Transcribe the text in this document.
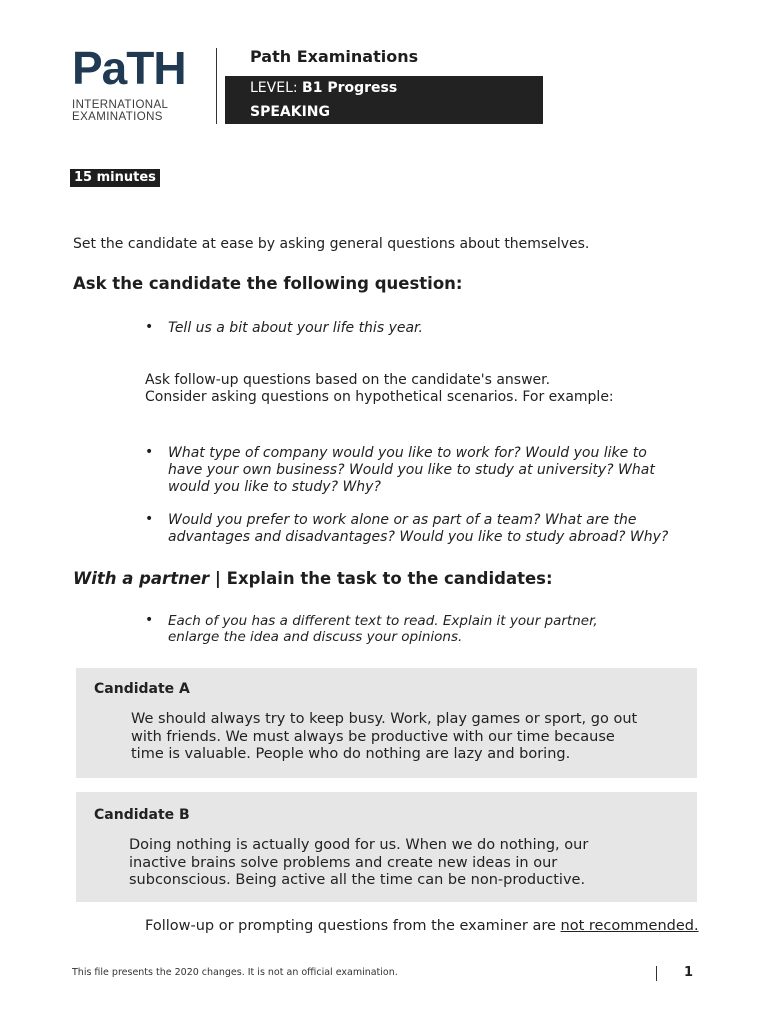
PaTH
INTERNATIONAL
EXAMINATIONS
Path Examinations
LEVEL: B1 Progress
SPEAKING
15 minutes
Set the candidate at ease by asking general questions about themselves.
Ask the candidate the following question:
• Tell us a bit about your life this year.
Ask follow-up questions based on the candidate's answer.
Consider asking questions on hypothetical scenarios. For example:
• What type of company would you like to work for? Would you like to have your own business? Would you like to study at university? What would you like to study? Why?
• Would you prefer to work alone or as part of a team? What are the advantages and disadvantages? Would you like to study abroad? Why?
With a partner | Explain the task to the candidates:
• Each of you has a different text to read. Explain it your partner, enlarge the idea and discuss your opinions.
Candidate A
We should always try to keep busy. Work, play games or sport, go out with friends. We must always be productive with our time because time is valuable. People who do nothing are lazy and boring.
Candidate B
Doing nothing is actually good for us. When we do nothing, our inactive brains solve problems and create new ideas in our subconscious. Being active all the time can be non-productive.
Follow-up or prompting questions from the examiner are not recommended.
This file presents the 2020 changes. It is not an official examination.	1
